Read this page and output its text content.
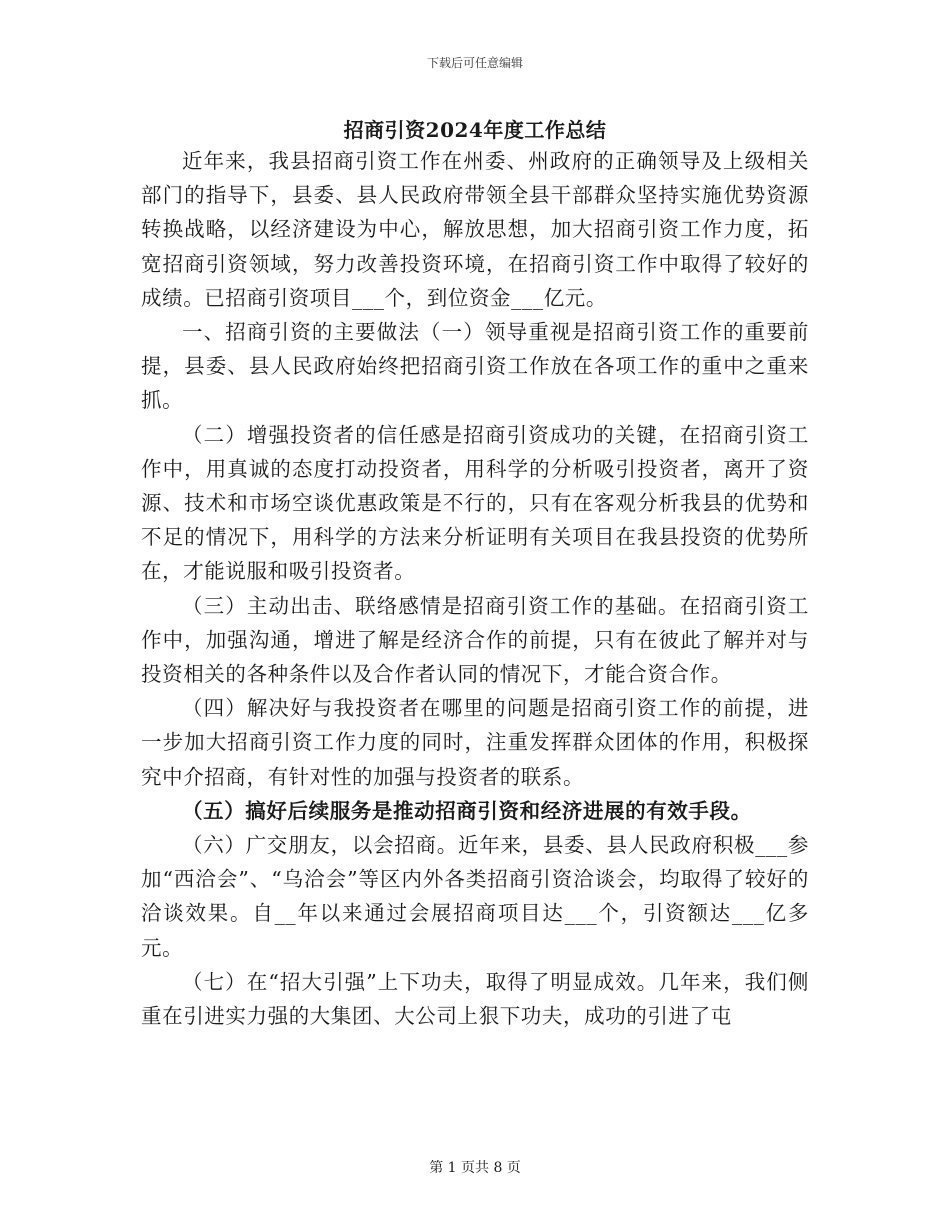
下载后可任意编辑
招商引资2024年度工作总结

近年来，我县招商引资工作在州委、州政府的正确领导及上级相关部门的指导下，县委、县人民政府带领全县干部群众坚持实施优势资源转换战略，以经济建设为中心，解放思想，加大招商引资工作力度，拓宽招商引资领域，努力改善投资环境，在招商引资工作中取得了较好的成绩。已招商引资项目___个，到位资金___亿元。

一、招商引资的主要做法（一）领导重视是招商引资工作的重要前提，县委、县人民政府始终把招商引资工作放在各项工作的重中之重来抓。

（二）增强投资者的信任感是招商引资成功的关键，在招商引资工作中，用真诚的态度打动投资者，用科学的分析吸引投资者，离开了资源、技术和市场空谈优惠政策是不行的，只有在客观分析我县的优势和不足的情况下，用科学的方法来分析证明有关项目在我县投资的优势所在，才能说服和吸引投资者。

（三）主动出击、联络感情是招商引资工作的基础。在招商引资工作中，加强沟通，增进了解是经济合作的前提，只有在彼此了解并对与投资相关的各种条件以及合作者认同的情况下，才能合资合作。

（四）解决好与我投资者在哪里的问题是招商引资工作的前提，进一步加大招商引资工作力度的同时，注重发挥群众团体的作用，积极探究中介招商，有针对性的加强与投资者的联系。

（五）搞好后续服务是推动招商引资和经济进展的有效手段。

（六）广交朋友，以会招商。近年来，县委、县人民政府积极___参加“西洽会”、“乌洽会”等区内外各类招商引资洽谈会，均取得了较好的洽谈效果。自__年以来通过会展招商项目达___个，引资额达___亿多元。

（七）在“招大引强”上下功夫，取得了明显成效。几年来，我们侧重在引进实力强的大集团、大公司上狠下功夫，成功的引进了屯

第 1 页共 8 页
